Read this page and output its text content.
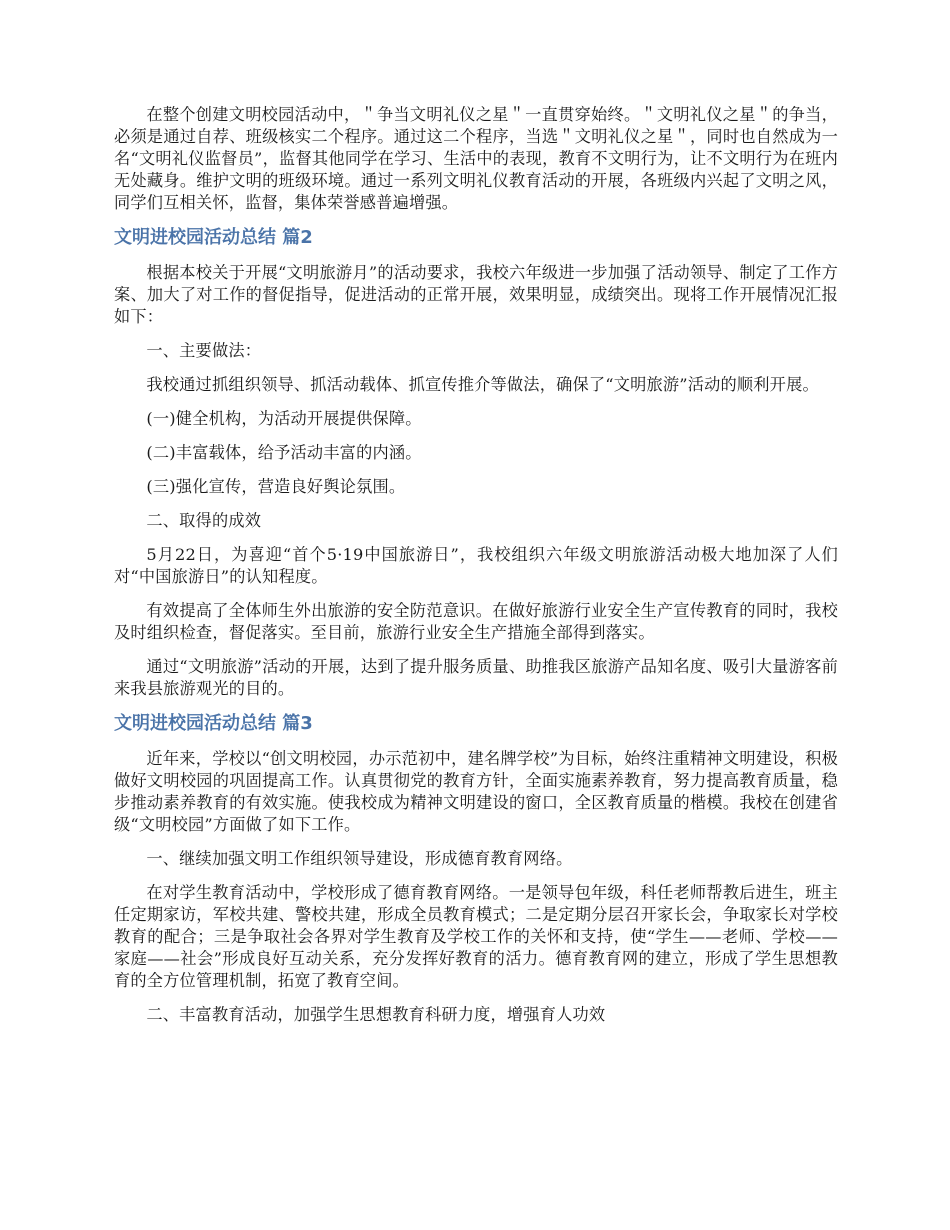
在整个创建文明校园活动中，＂争当文明礼仪之星＂一直贯穿始终。＂文明礼仪之星＂的争当，必须是通过自荐、班级核实二个程序。通过这二个程序，当选＂文明礼仪之星＂，同时也自然成为一名“文明礼仪监督员”，监督其他同学在学习、生活中的表现，教育不文明行为，让不文明行为在班内无处藏身。维护文明的班级环境。通过一系列文明礼仪教育活动的开展，各班级内兴起了文明之风，同学们互相关怀，监督，集体荣誉感普遍增强。

文明进校园活动总结 篇2

根据本校关于开展“文明旅游月”的活动要求，我校六年级进一步加强了活动领导、制定了工作方案、加大了对工作的督促指导，促进活动的正常开展，效果明显，成绩突出。现将工作开展情况汇报如下：

一、主要做法：

我校通过抓组织领导、抓活动载体、抓宣传推介等做法，确保了“文明旅游”活动的顺利开展。

(一)健全机构，为活动开展提供保障。

(二)丰富载体，给予活动丰富的内涵。

(三)强化宣传，营造良好舆论氛围。

二、取得的成效

5月22日，为喜迎“首个5·19中国旅游日”，我校组织六年级文明旅游活动极大地加深了人们对“中国旅游日”的认知程度。

有效提高了全体师生外出旅游的安全防范意识。在做好旅游行业安全生产宣传教育的同时，我校及时组织检查，督促落实。至目前，旅游行业安全生产措施全部得到落实。

通过“文明旅游”活动的开展，达到了提升服务质量、助推我区旅游产品知名度、吸引大量游客前来我县旅游观光的目的。

文明进校园活动总结 篇3

近年来，学校以“创文明校园，办示范初中，建名牌学校”为目标，始终注重精神文明建设，积极做好文明校园的巩固提高工作。认真贯彻党的教育方针，全面实施素养教育，努力提高教育质量，稳步推动素养教育的有效实施。使我校成为精神文明建设的窗口，全区教育质量的楷模。我校在创建省级“文明校园”方面做了如下工作。

一、继续加强文明工作组织领导建设，形成德育教育网络。

在对学生教育活动中，学校形成了德育教育网络。一是领导包年级，科任老师帮教后进生，班主任定期家访，军校共建、警校共建，形成全员教育模式；二是定期分层召开家长会，争取家长对学校教育的配合；三是争取社会各界对学生教育及学校工作的关怀和支持，使“学生——老师、学校——家庭——社会”形成良好互动关系，充分发挥好教育的活力。德育教育网的建立，形成了学生思想教育的全方位管理机制，拓宽了教育空间。

二、丰富教育活动，加强学生思想教育科研力度，增强育人功效
